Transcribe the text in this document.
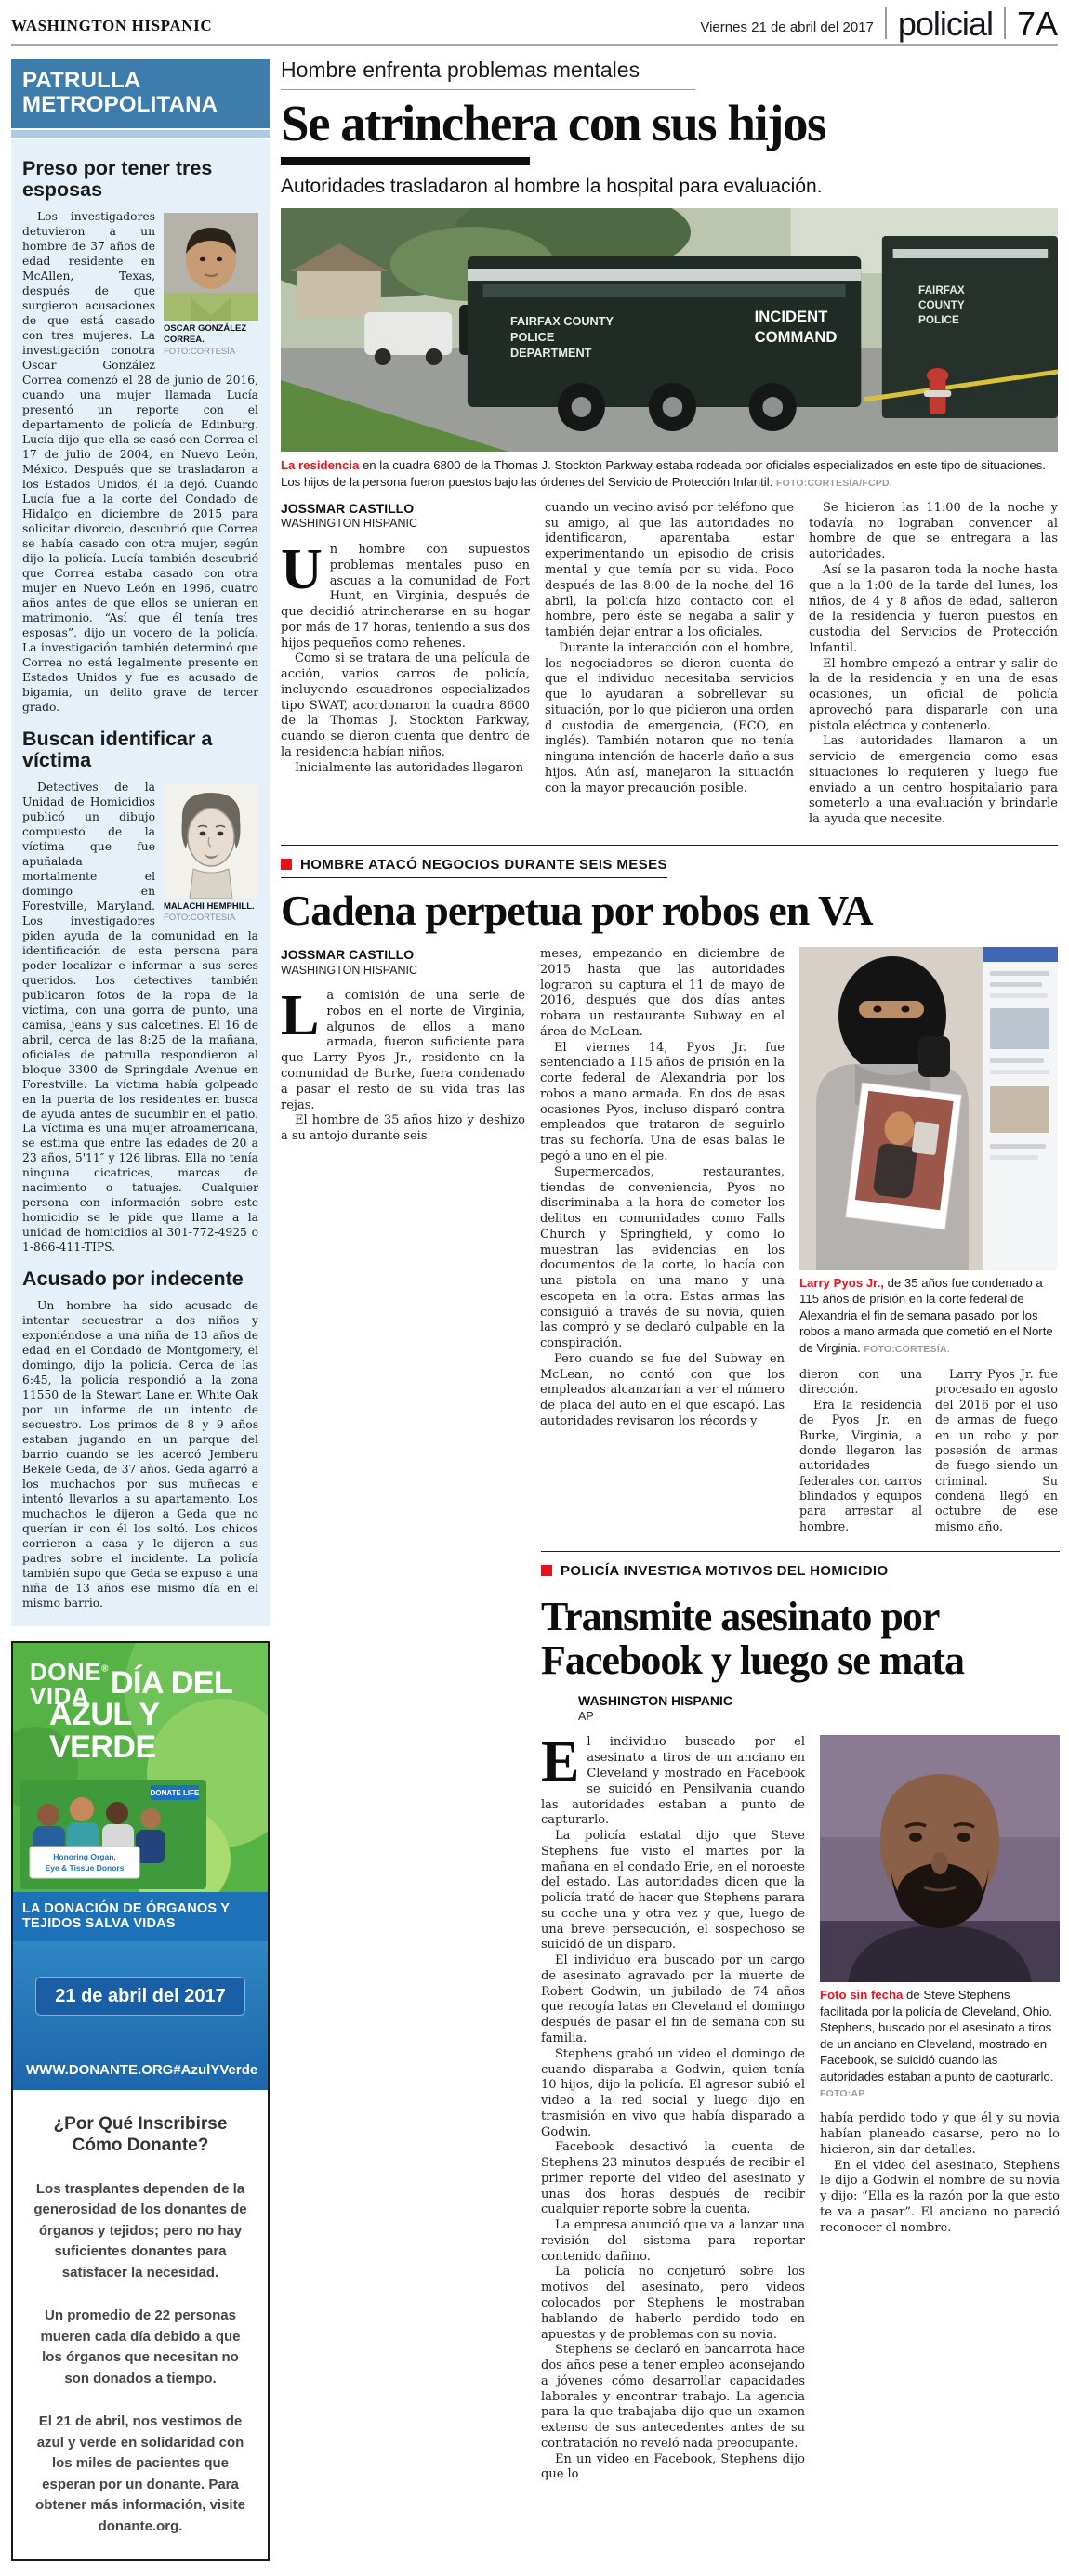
WASHINGTON HISPANIC	Viernes 21 de abril del 2017 policial 7A
PATRULLA
METROPOLITANA
Preso por tener tres esposas
OSCAR GONZÁLEZ CORREA.
FOTO:CORTESÍA

Los investigadores detuvieron a un hombre de 37 años de edad residente en McAllen, Texas, después de que surgieron acusaciones de que está casado con tres mujeres. La investigación conotra Oscar González Correa comenzó el 28 de junio de 2016, cuando una mujer llamada Lucía presentó un reporte con el departamento de policía de Edinburg. Lucía dijo que ella se casó con Correa el 17 de julio de 2004, en Nuevo León, México. Después que se trasladaron a los Estados Unidos, él la dejó. Cuando Lucía fue a la corte del Condado de Hidalgo en diciembre de 2015 para solicitar divorcio, descubrió que Correa se había casado con otra mujer, según dijo la policía. Lucía también descubrió que Correa estaba casado con otra mujer en Nuevo León en 1996, cuatro años antes de que ellos se unieran en matrimonio. “Así que él tenía tres esposas”, dijo un vocero de la policía. La investigación también determinó que Correa no está legalmente presente en Estados Unidos y fue es acusado de bigamia, un delito grave de tercer grado.

Buscan identificar a víctima
MALACHI HEMPHILL.
FOTO:CORTESÍA

Detectives de la Unidad de Homicidios publicó un dibujo compuesto de la víctima que fue apuñalada mortalmente el domingo en Forestville, Maryland. Los investigadores piden ayuda de la comunidad en la identificación de esta persona para poder localizar e informar a sus seres queridos. Los detectives también publicaron fotos de la ropa de la víctima, con una gorra de punto, una camisa, jeans y sus calcetines. El 16 de abril, cerca de las 8:25 de la mañana, oficiales de patrulla respondieron al bloque 3300 de Springdale Avenue en Forestville. La víctima había golpeado en la puerta de los residentes en busca de ayuda antes de sucumbir en el patio. La víctima es una mujer afroamericana, se estima que entre las edades de 20 a 23 años, 5'11″ y 126 libras. Ella no tenía ninguna cicatrices, marcas de nacimiento o tatuajes. Cualquier persona con información sobre este homicidio se le pide que llame a la unidad de homicidios al 301-772-4925 o 1-866-411-TIPS.

Acusado por indecente

Un hombre ha sido acusado de intentar secuestrar a dos niños y exponiéndose a una niña de 13 años de edad en el Condado de Montgomery, el domingo, dijo la policía. Cerca de las 6:45, la policía respondió a la zona 11550 de la Stewart Lane en White Oak por un informe de un intento de secuestro. Los primos de 8 y 9 años estaban jugando en un parque del barrio cuando se les acercó Jemberu Bekele Geda, de 37 años. Geda agarró a los muchachos por sus muñecas e intentó llevarlos a su apartamento. Los muchachos le dijeron a Geda que no querían ir con él los soltó. Los chicos corrieron a casa y le dijeron a sus padres sobre el incidente. La policía también supo que Geda se expuso a una niña de 13 años ese mismo día en el mismo barrio.

DONE®
VIDA DÍA DEL
AZUL Y VERDE
DONATE LIFE
Honoring Organ,
Eye & Tissue Donors
LA DONACIÓN DE ÓRGANOS Y TEJIDOS SALVA VIDAS
21 de abril del 2017
WWW.DONANTE.ORG #AzulYVerde
¿Por Qué Inscribirse Cómo Donante?

Los trasplantes dependen de la generosidad de los donantes de órganos y tejidos; pero no hay suficientes donantes para satisfacer la necesidad.

Un promedio de 22 personas mueren cada día debido a que los órganos que necesitan no son donados a tiempo.

El 21 de abril, nos vestimos de azul y verde en solidaridad con los miles de pacientes que esperan por un donante. Para obtener más información, visite donante.org.

Hombre enfrenta problemas mentales
Se atrinchera con sus hijos
Autoridades trasladaron al hombre la hospital para evaluación.
FAIRFAX COUNTY
POLICE
DEPARTMENT
INCIDENT
COMMAND
FAIRFAX
COUNTY
POLICE
La residencia en la cuadra 6800 de la Thomas J. Stockton Parkway estaba rodeada por oficiales especializados en este tipo de situaciones. Los hijos de la persona fueron puestos bajo las órdenes del Servicio de Protección Infantil. FOTO:CORTESÍA/FCPD.
JOSSMAR CASTILLO
WASHINGTON HISPANIC

Un hombre con supuestos problemas mentales puso en ascuas a la comunidad de Fort Hunt, en Virginia, después de que decidió atrincherarse en su hogar por más de 17 horas, teniendo a sus dos hijos pequeños como rehenes.

Como si se tratara de una película de acción, varios carros de policía, incluyendo escuadrones especializados tipo SWAT, acordonaron la cuadra 8600 de la Thomas J. Stockton Parkway, cuando se dieron cuenta que dentro de la residencia habían niños.

Inicialmente las autoridades llegaron

cuando un vecino avisó por teléfono que su amigo, al que las autoridades no identificaron, aparentaba estar experimentando un episodio de crisis mental y que temía por su vida. Poco después de las 8:00 de la noche del 16 abril, la policía hizo contacto con el hombre, pero éste se negaba a salir y también dejar entrar a los oficiales.

Durante la interacción con el hombre, los negociadores se dieron cuenta de que el individuo necesitaba servicios que lo ayudaran a sobrellevar su situación, por lo que pidieron una orden d custodia de emergencia, (ECO, en inglés). También notaron que no tenía ninguna intención de hacerle daño a sus hijos. Aún así, manejaron la situación con la mayor precaución posible.

Se hicieron las 11:00 de la noche y todavía no lograban convencer al hombre de que se entregara a las autoridades.

Así se la pasaron toda la noche hasta que a la 1:00 de la tarde del lunes, los niños, de 4 y 8 años de edad, salieron de la residencia y fueron puestos en custodia del Servicios de Protección Infantil.

El hombre empezó a entrar y salir de la de la residencia y en una de esas ocasiones, un oficial de policía aprovechó para dispararle con una pistola eléctrica y contenerlo.

Las autoridades llamaron a un servicio de emergencia como esas situaciones lo requieren y luego fue enviado a un centro hospitalario para someterlo a una evaluación y brindarle la ayuda que necesite.

HOMBRE ATACÓ NEGOCIOS DURANTE SEIS MESES
Cadena perpetua por robos en VA
JOSSMAR CASTILLO
WASHINGTON HISPANIC

La comisión de una serie de robos en el norte de Virginia, algunos de ellos a mano armada, fueron suficiente para que Larry Pyos Jr., residente en la comunidad de Burke, fuera condenado a pasar el resto de su vida tras las rejas.

El hombre de 35 años hizo y deshizo a su antojo durante seis

meses, empezando en diciembre de 2015 hasta que las autoridades lograron su captura el 11 de mayo de 2016, después que dos días antes robara un restaurante Subway en el área de McLean.

El viernes 14, Pyos Jr. fue sentenciado a 115 años de prisión en la corte federal de Alexandria por los robos a mano armada. En dos de esas ocasiones Pyos, incluso disparó contra empleados que trataron de seguirlo tras su fechoría. Una de esas balas le pegó a uno en el pie.

Supermercados, restaurantes, tiendas de conveniencia, Pyos no discriminaba a la hora de cometer los delitos en comunidades como Falls Church y Springfield, y como lo muestran las evidencias en los documentos de la corte, lo hacía con una pistola en una mano y una escopeta en la otra. Estas armas las consiguió a través de su novia, quien las compró y se declaró culpable en la conspiración.

Pero cuando se fue del Subway en McLean, no contó con que los empleados alcanzarían a ver el número de placa del auto en el que escapó. Las autoridades revisaron los récords y

Larry Pyos Jr., de 35 años fue condenado a 115 años de prisión en la corte federal de Alexandria el fin de semana pasado, por los robos a mano armada que cometió en el Norte de Virginia. FOTO:CORTESÍA.

dieron con una dirección.

Era la residencia de Pyos Jr. en Burke, Virginia, a donde llegaron las autoridades federales con carros blindados y equipos para arrestar al hombre.

Larry Pyos Jr. fue procesado en agosto del 2016 por el uso de armas de fuego en un robo y por posesión de armas de fuego siendo un criminal. Su condena llegó en octubre de ese mismo año.

POLICÍA INVESTIGA MOTIVOS DEL HOMICIDIO
Transmite asesinato por Facebook y luego se mata
WASHINGTON HISPANIC
AP

El individuo buscado por el asesinato a tiros de un anciano en Cleveland y mostrado en Facebook se suicidó en Pensilvania cuando las autoridades estaban a punto de capturarlo.

La policía estatal dijo que Steve Stephens fue visto el martes por la mañana en el condado Erie, en el noroeste del estado. Las autoridades dicen que la policía trató de hacer que Stephens parara su coche una y otra vez y que, luego de una breve persecución, el sospechoso se suicidó de un disparo.

El individuo era buscado por un cargo de asesinato agravado por la muerte de Robert Godwin, un jubilado de 74 años que recogía latas en Cleveland el domingo después de pasar el fin de semana con su familia.

Stephens grabó un video el domingo de cuando disparaba a Godwin, quien tenía 10 hijos, dijo la policía. El agresor subió el video a la red social y luego dijo en trasmisión en vivo que había disparado a Godwin.

Facebook desactivó la cuenta de Stephens 23 minutos después de recibir el primer reporte del video del asesinato y unas dos horas después de recibir cualquier reporte sobre la cuenta.

La empresa anunció que va a lanzar una revisión del sistema para reportar contenido dañino.

La policía no conjeturó sobre los motivos del asesinato, pero videos colocados por Stephens le mostraban hablando de haberlo perdido todo en apuestas y de problemas con su novia.

Stephens se declaró en bancarrota hace dos años pese a tener empleo aconsejando a jóvenes cómo desarrollar capacidades laborales y encontrar trabajo. La agencia para la que trabajaba dijo que un examen extenso de sus antecedentes antes de su contratación no reveló nada preocupante.

En un video en Facebook, Stephens dijo que lo

Foto sin fecha de Steve Stephens facilitada por la policía de Cleveland, Ohio. Stephens, buscado por el asesinato a tiros de un anciano en Cleveland, mostrado en Facebook, se suicidó cuando las autoridades estaban a punto de capturarlo. FOTO:AP

había perdido todo y que él y su novia habían planeado casarse, pero no lo hicieron, sin dar detalles.

En el video del asesinato, Stephens le dijo a Godwin el nombre de su novia y dijo: “Ella es la razón por la que esto te va a pasar”. El anciano no pareció reconocer el nombre.
